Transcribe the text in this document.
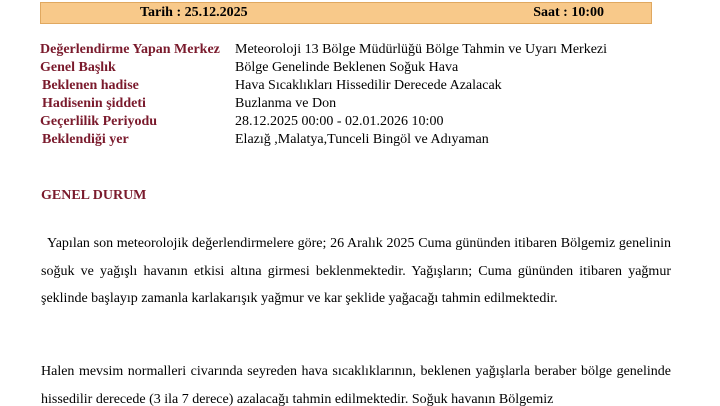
Tarih : 25.12.2025	Saat : 10:00
Değerlendirme Yapan Merkez Meteoroloji 13 Bölge Müdürlüğü Bölge Tahmin ve Uyarı Merkezi
Genel Başlık	Bölge Genelinde Beklenen Soğuk Hava
Beklenen hadise	Hava Sıcaklıkları Hissedilir Derecede Azalacak
Hadisenin şiddeti	Buzlanma ve Don
Geçerlilik Periyodu	28.12.2025 00:00 - 02.01.2026 10:00
Beklendiği yer	Elazığ ,Malatya,Tunceli Bingöl ve Adıyaman
GENEL DURUM

Yapılan son meteorolojik değerlendirmelere göre; 26 Aralık 2025 Cuma gününden itibaren Bölgemiz genelinin soğuk ve yağışlı havanın etkisi altına girmesi beklenmektedir. Yağışların; Cuma gününden itibaren yağmur şeklinde başlayıp zamanla karlakarışık yağmur ve kar şeklide yağacağı tahmin edilmektedir.

Halen mevsim normalleri civarında seyreden hava sıcaklıklarının, beklenen yağışlarla beraber bölge genelinde hissedilir derecede (3 ila 7 derece) azalacağı tahmin edilmektedir. Soğuk havanın Bölgemiz
